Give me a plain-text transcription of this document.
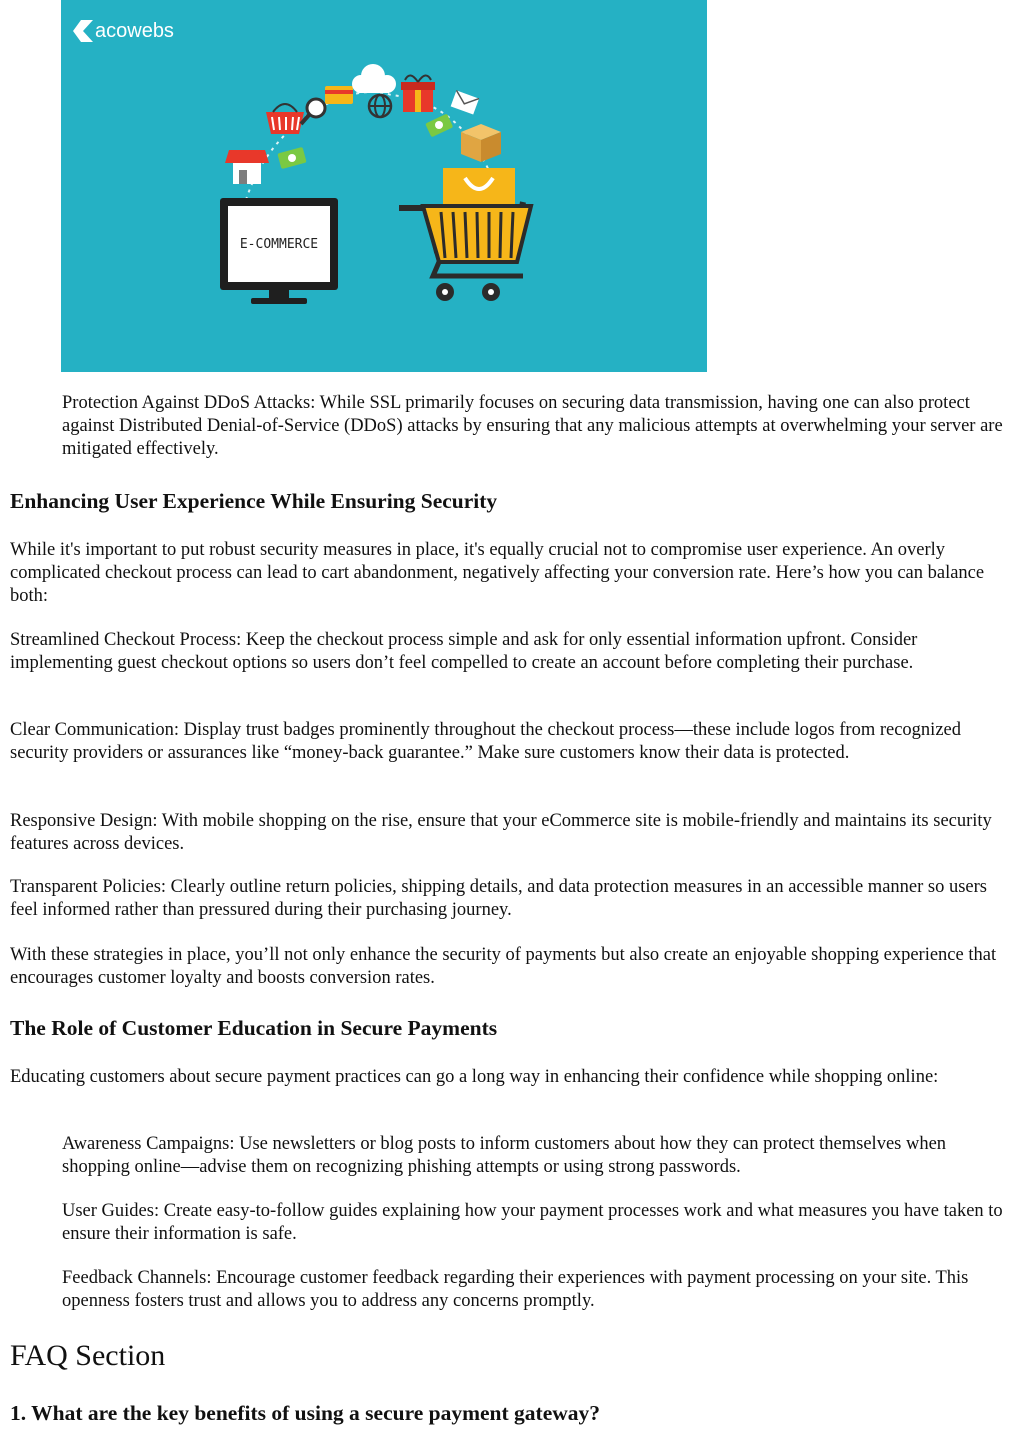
acowebs
E-COMMERCE

Protection Against DDoS Attacks: While SSL primarily focuses on securing data transmission, having one can also protect against Distributed Denial-of-Service (DDoS) attacks by ensuring that any malicious attempts at overwhelming your server are mitigated effectively.

Enhancing User Experience While Ensuring Security

While it's important to put robust security measures in place, it's equally crucial not to compromise user experience. An overly complicated checkout process can lead to cart abandonment, negatively affecting your conversion rate. Here’s how you can balance both:

Streamlined Checkout Process: Keep the checkout process simple and ask for only essential information upfront. Consider implementing guest checkout options so users don’t feel compelled to create an account before completing their purchase.

Clear Communication: Display trust badges prominently throughout the checkout process—these include logos from recognized security providers or assurances like “money-back guarantee.” Make sure customers know their data is protected.

Responsive Design: With mobile shopping on the rise, ensure that your eCommerce site is mobile-friendly and maintains its security features across devices.

Transparent Policies: Clearly outline return policies, shipping details, and data protection measures in an accessible manner so users feel informed rather than pressured during their purchasing journey.

With these strategies in place, you’ll not only enhance the security of payments but also create an enjoyable shopping experience that encourages customer loyalty and boosts conversion rates.

The Role of Customer Education in Secure Payments

Educating customers about secure payment practices can go a long way in enhancing their confidence while shopping online:

Awareness Campaigns: Use newsletters or blog posts to inform customers about how they can protect themselves when shopping online—advise them on recognizing phishing attempts or using strong passwords.

User Guides: Create easy-to-follow guides explaining how your payment processes work and what measures you have taken to ensure their information is safe.

Feedback Channels: Encourage customer feedback regarding their experiences with payment processing on your site. This openness fosters trust and allows you to address any concerns promptly.

FAQ Section
1. What are the key benefits of using a secure payment gateway?
